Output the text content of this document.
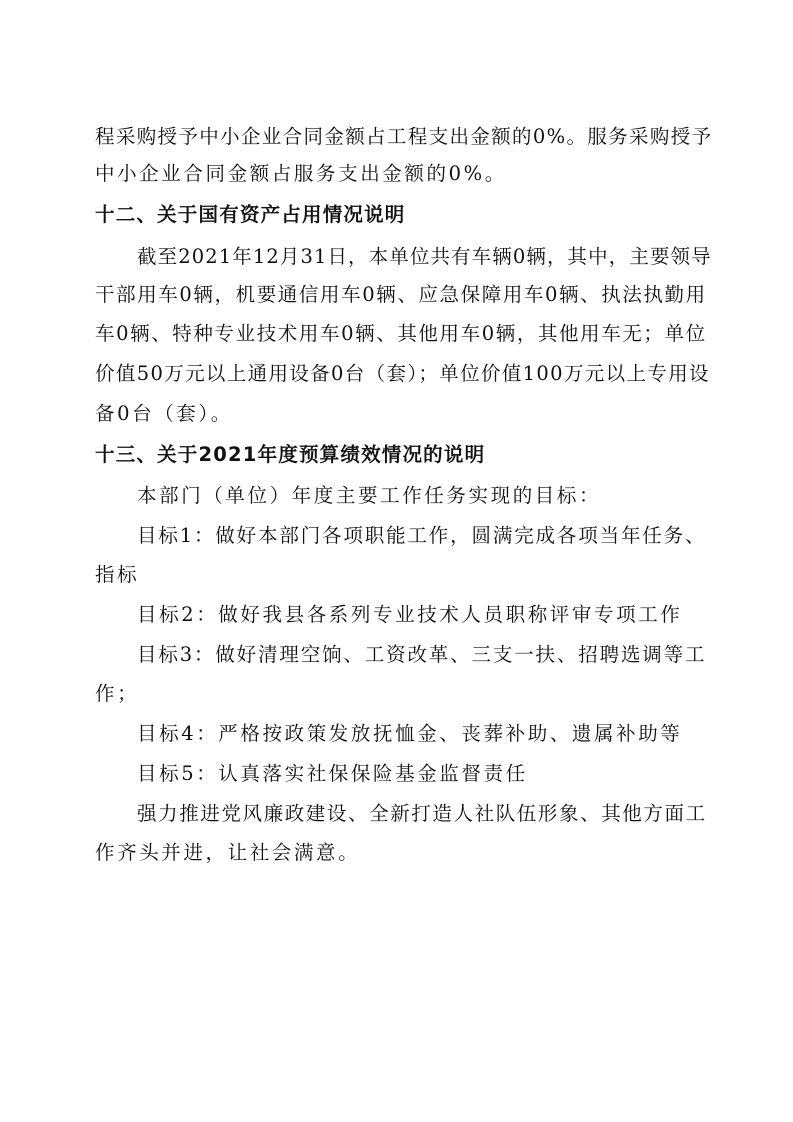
程采购授予中小企业合同金额占工程支出金额的0%。服务采购授予
中小企业合同金额占服务支出金额的0%。
十二、关于国有资产占用情况说明
截至2021年12月31日，本单位共有车辆0辆，其中，主要领导
干部用车0辆，机要通信用车0辆、应急保障用车0辆、执法执勤用
车0辆、特种专业技术用车0辆、其他用车0辆，其他用车无；单位
价值50万元以上通用设备0台（套）；单位价值100万元以上专用设
备0台（套）。
十三、关于2021年度预算绩效情况的说明
本部门（单位）年度主要工作任务实现的目标：
目标1：做好本部门各项职能工作，圆满完成各项当年任务、
指标
目标2：做好我县各系列专业技术人员职称评审专项工作
目标3：做好清理空饷、工资改革、三支一扶、招聘选调等工
作；
目标4：严格按政策发放抚恤金、丧葬补助、遗属补助等
目标5：认真落实社保保险基金监督责任
强力推进党风廉政建设、全新打造人社队伍形象、其他方面工
作齐头并进，让社会满意。
